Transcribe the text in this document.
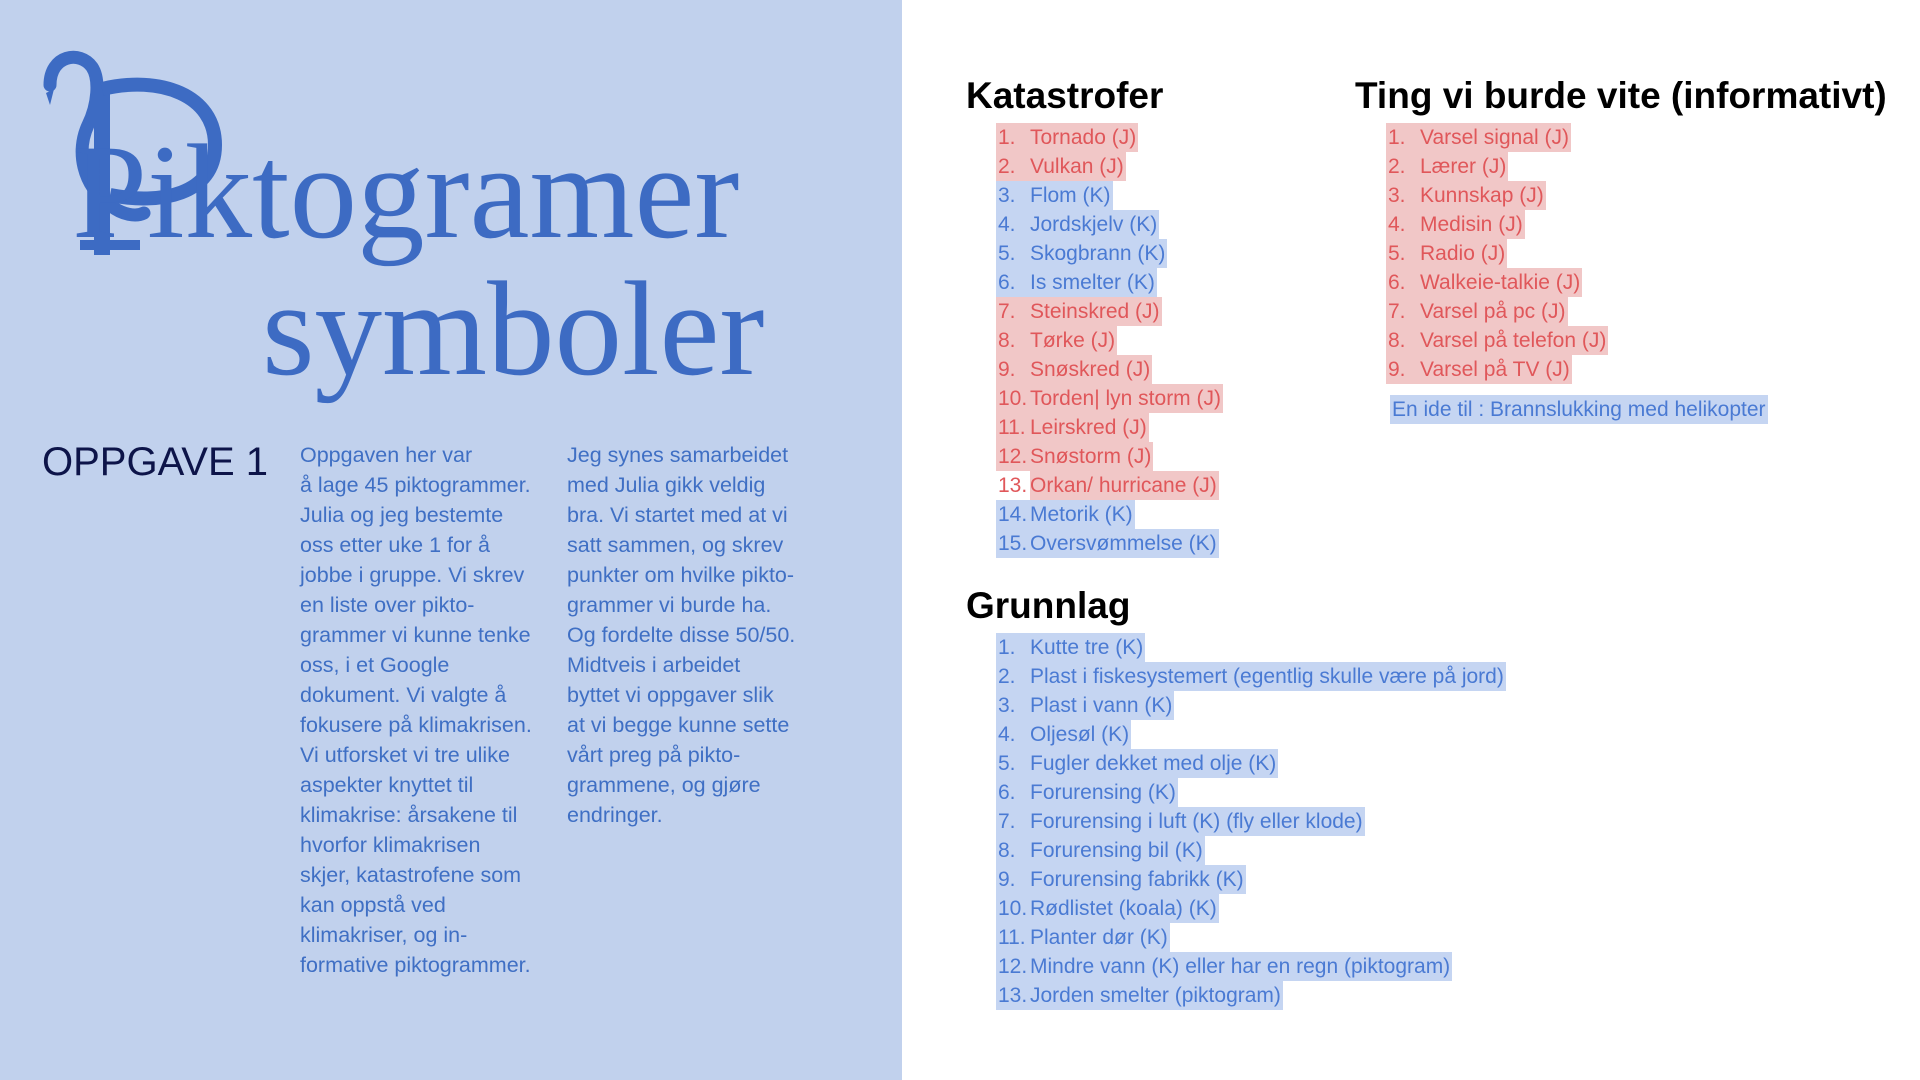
Piktogramer
symboler
OPPGAVE 1 Oppgaven her var
å lage 45 piktogrammer.
Julia og jeg bestemte
oss etter uke 1 for å
jobbe i gruppe. Vi skrev
en liste over pikto-
grammer vi kunne tenke
oss, i et Google
dokument. Vi valgte å
fokusere på klimakrisen.
Vi utforsket vi tre ulike
aspekter knyttet til
klimakrise: årsakene til
hvorfor klimakrisen
skjer, katastrofene som
kan oppstå ved
klimakriser, og in-
formative piktogrammer.
Jeg synes samarbeidet
med Julia gikk veldig
bra. Vi startet med at vi
satt sammen, og skrev
punkter om hvilke pikto-
grammer vi burde ha.
Og fordelte disse 50/50.
Midtveis i arbeidet
byttet vi oppgaver slik
at vi begge kunne sette
vårt preg på pikto-
grammene, og gjøre
endringer.
Katastrofer
1. Tornado (J)
2. Vulkan (J)
3. Flom (K)
4. Jordskjelv (K)
5. Skogbrann (K)
6. Is smelter (K)
7. Steinskred (J)
8. Tørke (J)
9. Snøskred (J)
10. Torden| lyn storm (J)
11. Leirskred (J)
12. Snøstorm (J)
13. Orkan/ hurricane (J)
14. Metorik (K)
15. Oversvømmelse (K)
Ting vi burde vite (informativt)
1. Varsel signal (J)
2. Lærer (J)
3. Kunnskap (J)
4. Medisin (J)
5. Radio (J)
6. Walkeie-talkie (J)
7. Varsel på pc (J)
8. Varsel på telefon (J)
9. Varsel på TV (J)
En ide til : Brannslukking med helikopter
Grunnlag
1. Kutte tre (K)
2. Plast i fiskesystemert (egentlig skulle være på jord)
3. Plast i vann (K)
4. Oljesøl (K)
5. Fugler dekket med olje (K)
6. Forurensing (K)
7. Forurensing i luft (K) (fly eller klode)
8. Forurensing bil (K)
9. Forurensing fabrikk (K)
10. Rødlistet (koala) (K)
11. Planter dør (K)
12. Mindre vann (K) eller har en regn (piktogram)
13. Jorden smelter (piktogram)
